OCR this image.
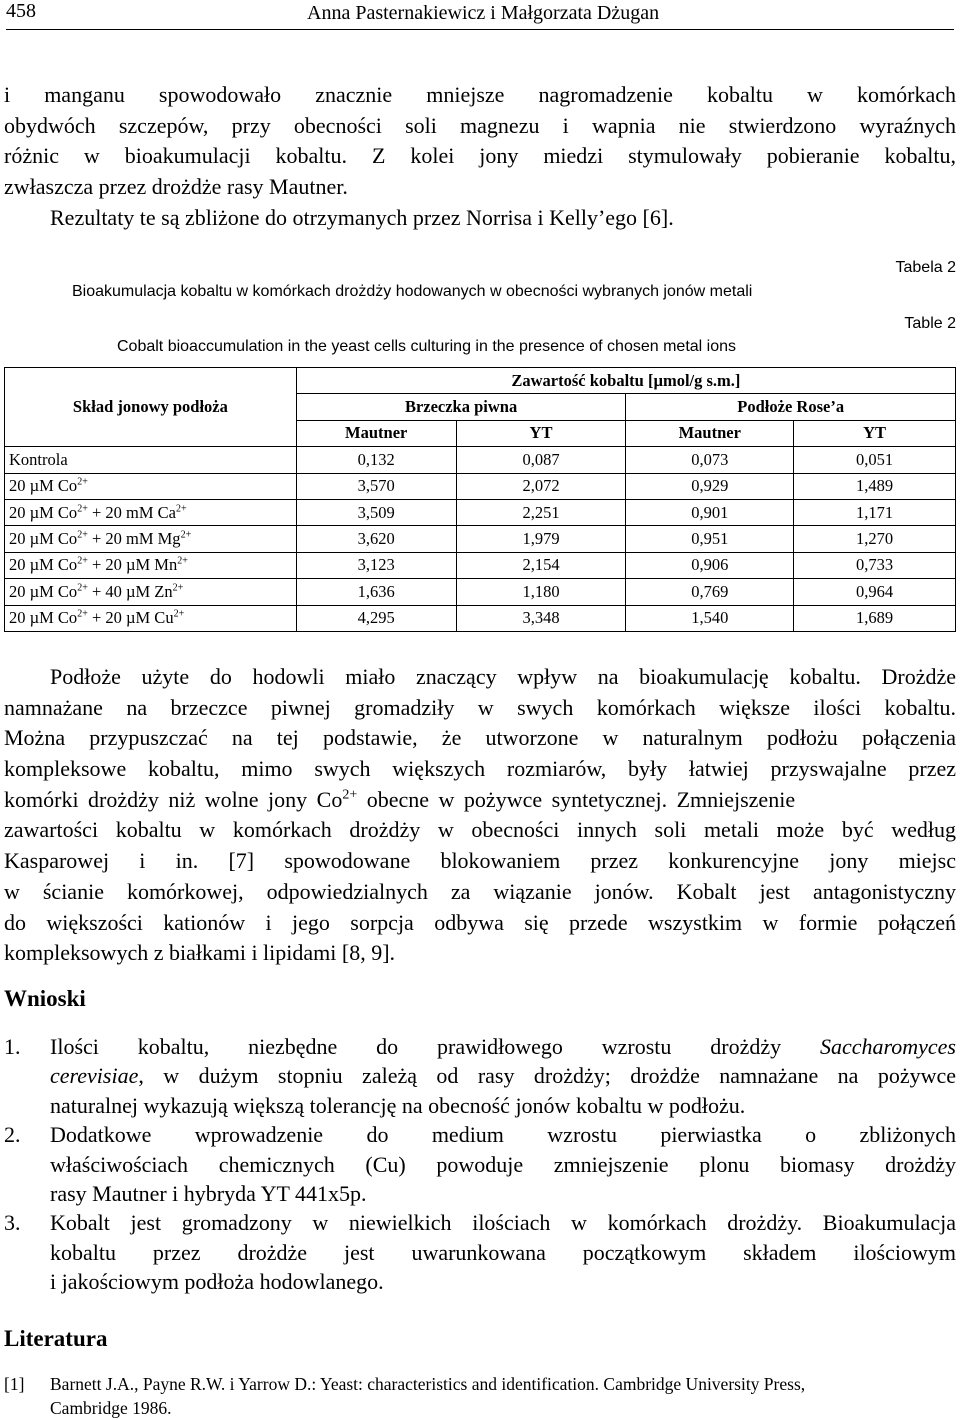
458	Anna Pasternakiewicz i Małgorzata Dżugan
i manganu spowodowało znacznie mniejsze nagromadzenie kobaltu w komórkach
obydwóch szczepów, przy obecności soli magnezu i wapnia nie stwierdzono wyraźnych
różnic w bioakumulacji kobaltu. Z kolei jony miedzi stymulowały pobieranie kobaltu,
zwłaszcza przez drożdże rasy Mautner.
Rezultaty te są zbliżone do otrzymanych przez Norrisa i Kelly’ego [6].
Tabela 2
Bioakumulacja kobaltu w komórkach drożdży hodowanych w obecności wybranych jonów metali
Table 2
Cobalt bioaccumulation in the yeast cells culturing in the presence of chosen metal ions
Skład jonowy podłoża	Zawartość kobaltu [µmol/g s.m.]			
	Brzeczka piwna		Podłoże Rose’a	
	Mautner	YT	Mautner	YT
Kontrola	0,132	0,087	0,073	0,051
20 µM $Co^{2+}$	3,570	2,072	0,929	1,489
20 µM $Co^{2+} + 20$ mM $Ca^{2+}$	3,509	2,251	0,901	1,171
20 µM $Co^{2+} + 20$ mM $Mg^{2+}$	3,620	1,979	0,951	1,270
20 µM $Co^{2+} + 20$ µM $Mn^{2+}$	3,123	2,154	0,906	0,733
20 µM $Co^{2+} + 40$ µM $Zn^{2+}$	1,636	1,180	0,769	0,964
20 µM $Co^{2+} + 20$ µM $Cu^{2+}$	4,295	3,348	1,540	1,689
Podłoże użyte do hodowli miało znaczący wpływ na bioakumulację kobaltu. Drożdże
namnażane na brzeczce piwnej gromadziły w swych komórkach większe ilości kobaltu.
Można przypuszczać na tej podstawie, że utworzone w naturalnym podłożu połączenia
kompleksowe kobaltu, mimo swych większych rozmiarów, były łatwiej przyswajalne przez
komórki drożdży niż wolne jony $Co^{2+}$ obecne w pożywce syntetycznej. Zmniejszenie
zawartości kobaltu w komórkach drożdży w obecności innych soli metali może być według
Kasparowej i in. [7] spowodowane blokowaniem przez konkurencyjne jony miejsc
w ścianie komórkowej, odpowiedzialnych za wiązanie jonów. Kobalt jest antagonistyczny
do większości kationów i jego sorpcja odbywa się przede wszystkim w formie połączeń
kompleksowych z białkami i lipidami [8, 9].
Wnioski
1. Ilości kobaltu, niezbędne do prawidłowego wzrostu drożdży Saccharomyces
cerevisiae, w dużym stopniu zależą od rasy drożdży; drożdże namnażane na pożywce
naturalnej wykazują większą tolerancję na obecność jonów kobaltu w podłożu.
2. Dodatkowe wprowadzenie do medium wzrostu pierwiastka o zbliżonych
właściwościach chemicznych (Cu) powoduje zmniejszenie plonu biomasy drożdży
rasy Mautner i hybryda YT 441x5p.
3. Kobalt jest gromadzony w niewielkich ilościach w komórkach drożdży. Bioakumulacja
kobaltu przez drożdże jest uwarunkowana początkowym składem ilościowym
i jakościowym podłoża hodowlanego.
Literatura
[1] Barnett J.A., Payne R.W. i Yarrow D.: Yeast: characteristics and identification. Cambridge University Press,
Cambridge 1986.
